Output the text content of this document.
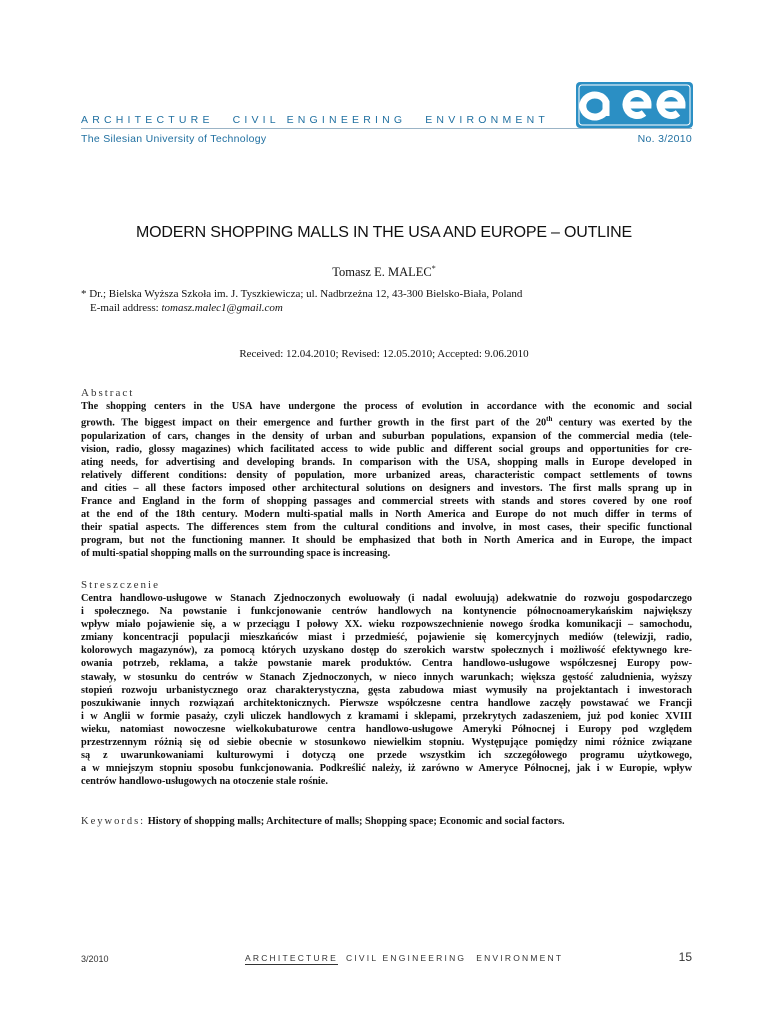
ARCHITECTURE CIVIL ENGINEERING ENVIRONMENT
The Silesian University of Technology	No. 3/2010
MODERN SHOPPING MALLS IN THE USA AND EUROPE – OUTLINE
Tomasz E. MALEC*
* Dr.; Bielska Wyższa Szkoła im. J. Tyszkiewicza; ul. Nadbrzeżna 12, 43-300 Bielsko-Biała, Poland
E-mail address: tomasz.malec1@gmail.com
Received: 12.04.2010; Revised: 12.05.2010; Accepted: 9.06.2010
Abstract
The shopping centers in the USA have undergone the process of evolution in accordance with the economic and social
growth. The biggest impact on their emergence and further growth in the first part of the 20th century was exerted by the
popularization of cars, changes in the density of urban and suburban populations, expansion of the commercial media (tele-
vision, radio, glossy magazines) which facilitated access to wide public and different social groups and opportunities for cre-
ating needs, for advertising and developing brands. In comparison with the USA, shopping malls in Europe developed in
relatively different conditions: density of population, more urbanized areas, characteristic compact settlements of towns
and cities – all these factors imposed other architectural solutions on designers and investors. The first malls sprang up in
France and England in the form of shopping passages and commercial streets with stands and stores covered by one roof
at the end of the 18th century. Modern multi-spatial malls in North America and Europe do not much differ in terms of
their spatial aspects. The differences stem from the cultural conditions and involve, in most cases, their specific functional
program, but not the functioning manner. It should be emphasized that both in North America and in Europe, the impact
of multi-spatial shopping malls on the surrounding space is increasing.
Streszczenie
Centra handlowo-usługowe w Stanach Zjednoczonych ewoluowały (i nadal ewoluują) adekwatnie do rozwoju gospodarczego
i społecznego. Na powstanie i funkcjonowanie centrów handlowych na kontynencie północnoamerykańskim największy
wpływ miało pojawienie się, a w przeciągu I połowy XX. wieku rozpowszechnienie nowego środka komunikacji – samochodu,
zmiany koncentracji populacji mieszkańców miast i przedmieść, pojawienie się komercyjnych mediów (telewizji, radio,
kolorowych magazynów), za pomocą których uzyskano dostęp do szerokich warstw społecznych i możliwość efektywnego kre-
owania potrzeb, reklama, a także powstanie marek produktów. Centra handlowo-usługowe współczesnej Europy pow-
stawały, w stosunku do centrów w Stanach Zjednoczonych, w nieco innych warunkach; większa gęstość zaludnienia, wyższy
stopień rozwoju urbanistycznego oraz charakterystyczna, gęsta zabudowa miast wymusiły na projektantach i inwestorach
poszukiwanie innych rozwiązań architektonicznych. Pierwsze współczesne centra handlowe zaczęły powstawać we Francji
i w Anglii w formie pasaży, czyli uliczek handlowych z kramami i sklepami, przekrytych zadaszeniem, już pod koniec XVIII
wieku, natomiast nowoczesne wielkokubaturowe centra handlowo-usługowe Ameryki Północnej i Europy pod względem
przestrzennym różnią się od siebie obecnie w stosunkowo niewielkim stopniu. Występujące pomiędzy nimi różnice związane
są z uwarunkowaniami kulturowymi i dotyczą one przede wszystkim ich szczegółowego programu użytkowego,
a w mniejszym stopniu sposobu funkcjonowania. Podkreślić należy, iż zarówno w Ameryce Północnej, jak i w Europie, wpływ
centrów handlowo-usługowych na otoczenie stale rośnie.
Keywords: History of shopping malls; Architecture of malls; Shopping space; Economic and social factors.
3/2010	ARCHITECTURE CIVIL ENGINEERING ENVIRONMENT	15
